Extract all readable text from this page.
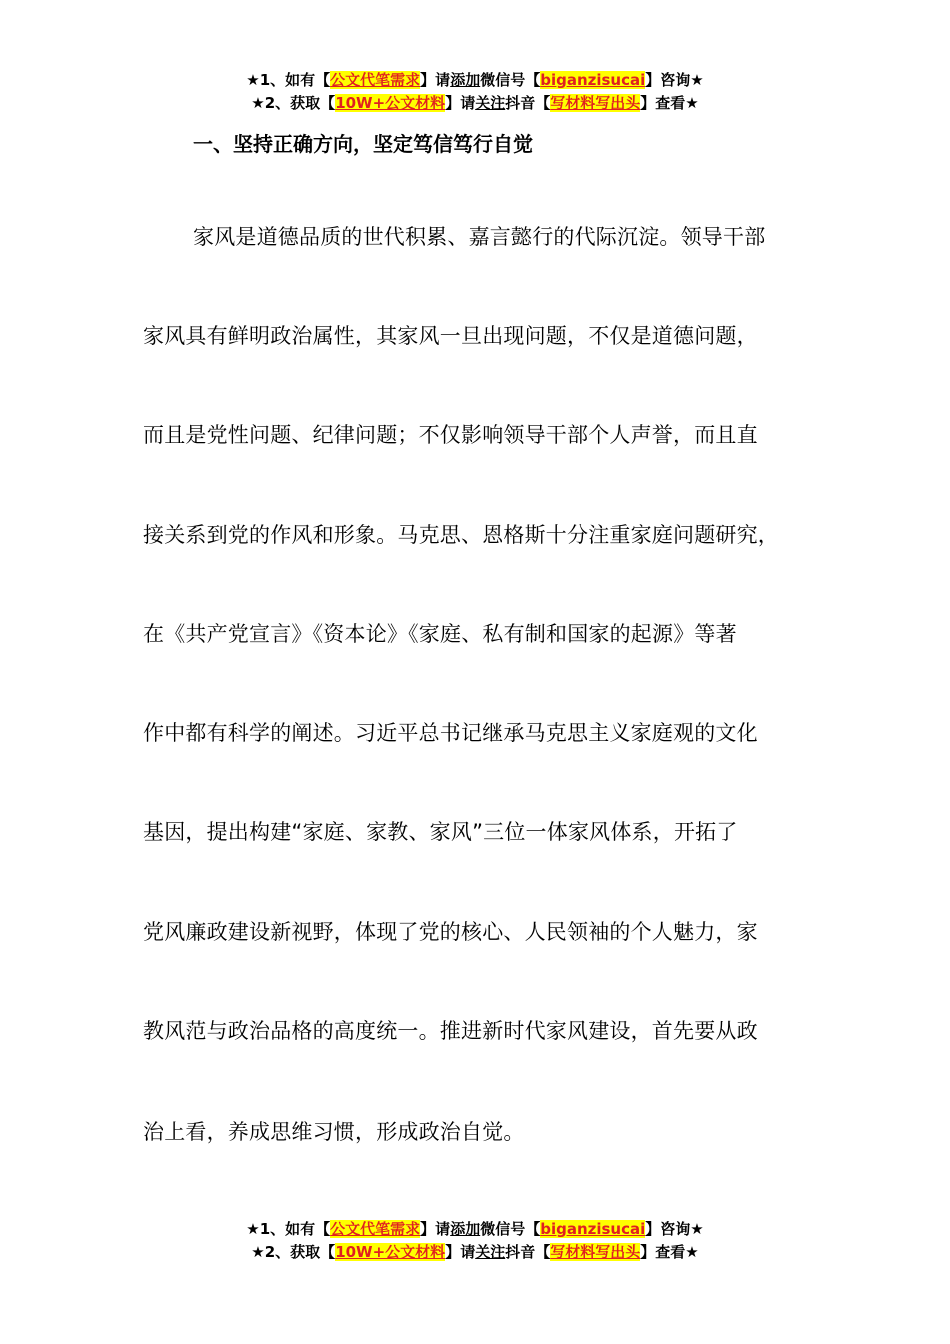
★1、如有【公文代笔需求】请添加微信号【biganzisucai】咨询★
★2、获取【10W+公文材料】请关注抖音【写材料写出头】查看★
一、坚持正确方向，坚定笃信笃行自觉
家风是道德品质的世代积累、嘉言懿行的代际沉淀。领导干部
家风具有鲜明政治属性，其家风一旦出现问题，不仅是道德问题，
而且是党性问题、纪律问题；不仅影响领导干部个人声誉，而且直
接关系到党的作风和形象。马克思、恩格斯十分注重家庭问题研究，
在《共产党宣言》《资本论》《家庭、私有制和国家的起源》等著
作中都有科学的阐述。习近平总书记继承马克思主义家庭观的文化
基因，提出构建“家庭、家教、家风”三位一体家风体系，开拓了
党风廉政建设新视野，体现了党的核心、人民领袖的个人魅力，家
教风范与政治品格的高度统一。推进新时代家风建设，首先要从政
治上看，养成思维习惯，形成政治自觉。
★1、如有【公文代笔需求】请添加微信号【biganzisucai】咨询★
★2、获取【10W+公文材料】请关注抖音【写材料写出头】查看★
